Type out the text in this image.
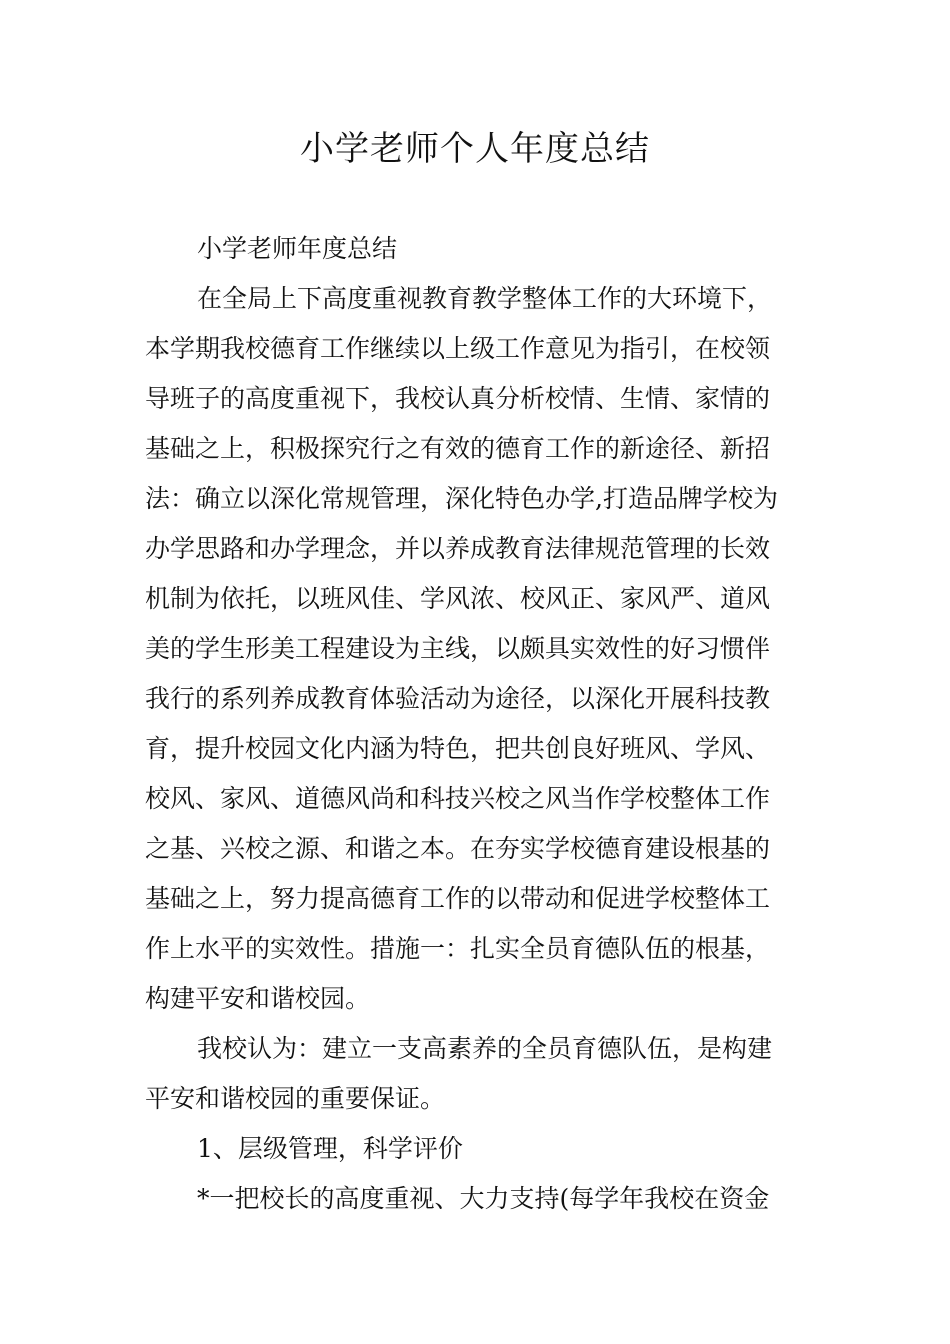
小学老师个人年度总结
小学老师年度总结
在全局上下高度重视教育教学整体工作的大环境下，
本学期我校德育工作继续以上级工作意见为指引，在校领
导班子的高度重视下，我校认真分析校情、生情、家情的
基础之上，积极探究行之有效的德育工作的新途径、新招
法：确立以深化常规管理，深化特色办学,打造品牌学校为
办学思路和办学理念，并以养成教育法律规范管理的长效
机制为依托，以班风佳、学风浓、校风正、家风严、道风
美的学生形美工程建设为主线，以颇具实效性的好习惯伴
我行的系列养成教育体验活动为途径，以深化开展科技教
育，提升校园文化内涵为特色，把共创良好班风、学风、
校风、家风、道德风尚和科技兴校之风当作学校整体工作
之基、兴校之源、和谐之本。在夯实学校德育建设根基的
基础之上，努力提高德育工作的以带动和促进学校整体工
作上水平的实效性。措施一：扎实全员育德队伍的根基，
构建平安和谐校园。
我校认为：建立一支高素养的全员育德队伍，是构建
平安和谐校园的重要保证。
1、层级管理，科学评价
*一把校长的高度重视、大力支持(每学年我校在资金
